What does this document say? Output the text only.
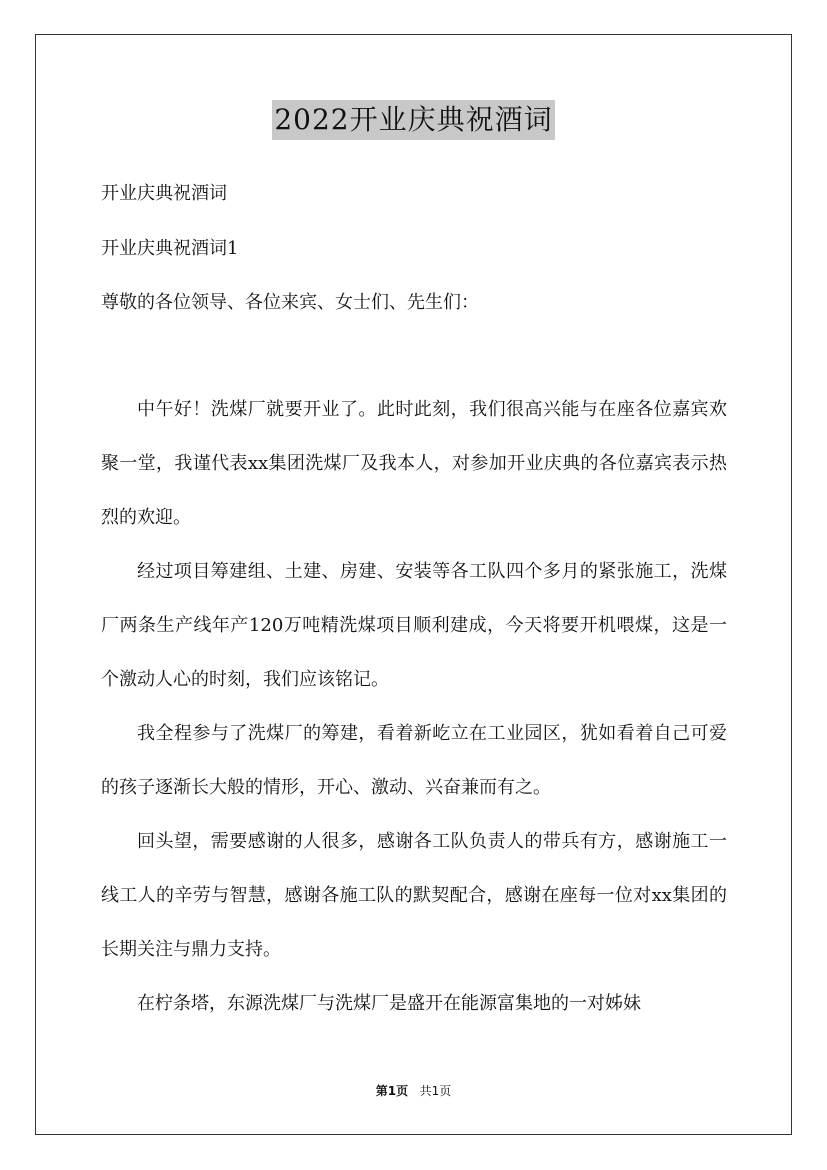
2022开业庆典祝酒词
开业庆典祝酒词
开业庆典祝酒词1
尊敬的各位领导、各位来宾、女士们、先生们：
中午好！洗煤厂就要开业了。此时此刻，我们很高兴能与在座各位嘉宾欢聚一堂，我谨代表xx集团洗煤厂及我本人，对参加开业庆典的各位嘉宾表示热烈的欢迎。
经过项目筹建组、土建、房建、安装等各工队四个多月的紧张施工，洗煤厂两条生产线年产120万吨精洗煤项目顺利建成，今天将要开机喂煤，这是一个激动人心的时刻，我们应该铭记。
我全程参与了洗煤厂的筹建，看着新屹立在工业园区，犹如看着自己可爱的孩子逐渐长大般的情形，开心、激动、兴奋兼而有之。
回头望，需要感谢的人很多，感谢各工队负责人的带兵有方，感谢施工一线工人的辛劳与智慧，感谢各施工队的默契配合，感谢在座每一位对xx集团的长期关注与鼎力支持。
在柠条塔，东源洗煤厂与洗煤厂是盛开在能源富集地的一对姊妹
第1页 共1页
